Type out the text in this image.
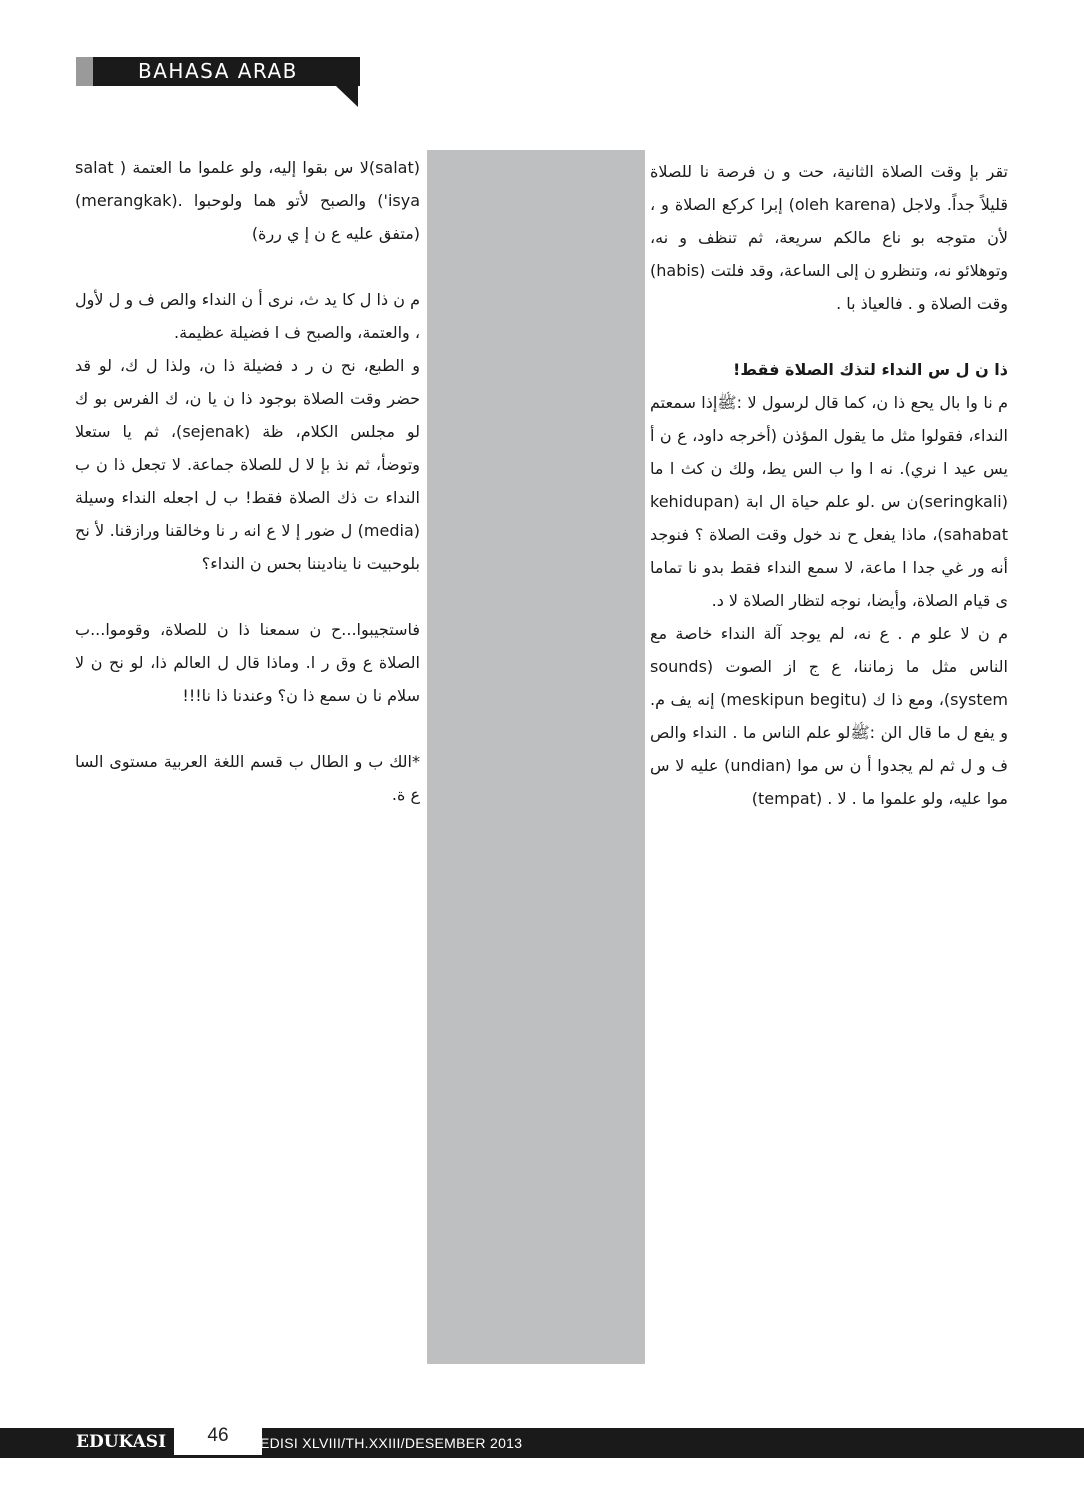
BAHASA ARAB

تقر بإ وقت الصلاة الثانية، حت و ن فرصة نا للصلاة قليلاً جداً. ولاجل (oleh karena) إبرا كركع الصلاة و ، لأن متوجه بو ناع مالكم سريعة، ثم تنظف و نه، وتوهلائو نه، وتنظرو ن إلى الساعة، وقد فلتت (habis) وقت الصلاة و . فالعياذ با .

ذا ن ل س النداء لتذك الصلاة فقط!

م نا وا بال يحع ذا ن، كما قال لرسول لا :ﷺإذا سمعتم النداء، فقولوا مثل ما يقول المؤذن (أخرجه داود، ع ن أ يس عيد ا نري). نه ا وا ب الس يط، ولك ن كث ا ما (seringkali)ن س .لو علم حياة ال ابة (kehidupan sahabat)، ماذا يفعل ح ند خول وقت الصلاة ؟ فنوجد أنه ور غي جدا ا ماعة، لا سمع النداء فقط بدو نا تماما ى قيام الصلاة، وأيضا، نوجه لتظار الصلاة لا د.

م ن لا علو م . ع نه، لم يوجد آلة النداء خاصة مع الناس مثل ما زماننا، ع ج از الصوت (sounds system)، ومع ذا ك (meskipun begitu) إنه يف م. و يفع ل ما قال الن :ﷺلو علم الناس ما . النداء والص ف و ل ثم لم يجدوا أ ن س موا (undian) عليه لا س موا عليه، ولو علموا ما . لا . (tempat)

(salat)لا س بقوا إليه، ولو علموا ما العتمة ( salat isya') والصبح لأتو هما ولوحبوا .(merangkak) (متفق عليه ع ن إ ي ررة)

م ن ذا ل كا يد ث، نرى أ ن النداء والص ف و ل لأول ، والعتمة، والصبح ف ا فضيلة عظيمة.

و الطبع، نح ن ر د فضيلة ذا ن، ولذا ل ك، لو قد حضر وقت الصلاة بوجود ذا ن يا ن، ك الفرس بو ك لو مجلس الكلام، ظة (sejenak)، ثم يا ستعلا وتوضأ، ثم نذ بإ لا ل للصلاة جماعة. لا تجعل ذا ن ب النداء ت ذك الصلاة فقط! ب ل اجعله النداء وسيلة (media) ل ضور إ لا ع انه ر نا وخالقنا ورازقنا. لأ نح بلوحبيت نا يناديننا بحس ن النداء؟

فاستجيبوا...ح ن سمعنا ذا ن للصلاة، وقوموا...ب الصلاة ع وق ر ا. وماذا قال ل العالم ذا، لو نح ن لا سلام نا ن سمع ذا ن؟ وعندنا ذا نا!!!

*الك ب و الطال ب قسم اللغة العربية مستوى السا ع ة.

EDUKASI 46	EDISI XLVIII/TH.XXIII/DESEMBER 2013
